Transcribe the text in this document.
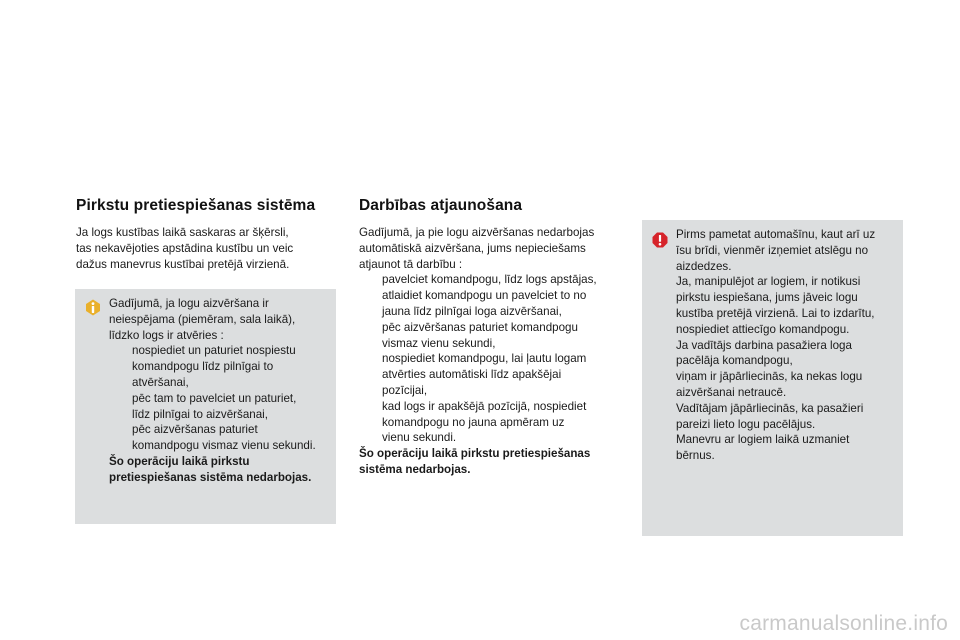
Pirkstu pretiespiešanas sistēma
Ja logs kustības laikā saskaras ar šķērsli,
tas nekavējoties apstādina kustību un veic
dažus manevrus kustībai pretējā virzienā.
Gadījumā, ja logu aizvēršana ir
neiespējama (piemēram, sala laikā),
līdzko logs ir atvēries :
nospiediet un paturiet nospiestu
komandpogu līdz pilnīgai to
atvēršanai,
pēc tam to pavelciet un paturiet,
līdz pilnīgai to aizvēršanai,
pēc aizvēršanas paturiet
komandpogu vismaz vienu sekundi.
Šo operāciju laikā pirkstu
pretiespiešanas sistēma nedarbojas.
Darbības atjaunošana
Gadījumā, ja pie logu aizvēršanas nedarbojas
automātiskā aizvēršana, jums nepieciešams
atjaunot tā darbību :
pavelciet komandpogu, līdz logs apstājas,
atlaidiet komandpogu un pavelciet to no
jauna līdz pilnīgai loga aizvēršanai,
pēc aizvēršanas paturiet komandpogu
vismaz vienu sekundi,
nospiediet komandpogu, lai ļautu logam
atvērties automātiski līdz apakšējai
pozīcijai,
kad logs ir apakšējā pozīcijā, nospiediet
komandpogu no jauna apmēram uz
vienu sekundi.
Šo operāciju laikā pirkstu pretiespiešanas
sistēma nedarbojas.
Pirms pametat automašīnu, kaut arī uz
īsu brīdi, vienmēr izņemiet atslēgu no
aizdedzes.
Ja, manipulējot ar logiem, ir notikusi
pirkstu iespiešana, jums jāveic logu
kustība pretējā virzienā. Lai to izdarītu,
nospiediet attiecīgo komandpogu.
Ja vadītājs darbina pasažiera loga
pacēlāja komandpogu,
viņam ir jāpārliecinās, ka nekas logu
aizvēršanai netraucē.
Vadītājam jāpārliecinās, ka pasažieri
pareizi lieto logu pacēlājus.
Manevru ar logiem laikā uzmaniet
bērnus.
carmanualsonline.info
